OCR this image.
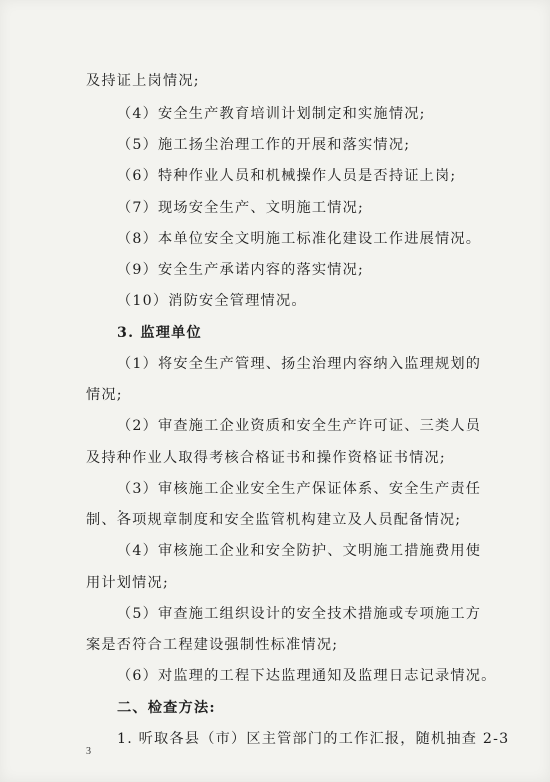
及持证上岗情况;
（4）安全生产教育培训计划制定和实施情况;
（5）施工扬尘治理工作的开展和落实情况;
（6）特种作业人员和机械操作人员是否持证上岗;
（7）现场安全生产、文明施工情况;
（8）本单位安全文明施工标准化建设工作进展情况。
（9）安全生产承诺内容的落实情况;
（10）消防安全管理情况。
3. 监理单位
（1）将安全生产管理、扬尘治理内容纳入监理规划的
情况;
（2）审查施工企业资质和安全生产许可证、三类人员
及持种作业人取得考核合格证书和操作资格证书情况;
（3）审核施工企业安全生产保证体系、安全生产责任
制、各项规章制度和安全监管机构建立及人员配备情况;
（4）审核施工企业和安全防护、文明施工措施费用使
用计划情况;
（5）审查施工组织设计的安全技术措施或专项施工方
案是否符合工程建设强制性标准情况;
（6）对监理的工程下达监理通知及监理日志记录情况。
二、检查方法:
1. 听取各县（市）区主管部门的工作汇报，随机抽查 2-3
3
